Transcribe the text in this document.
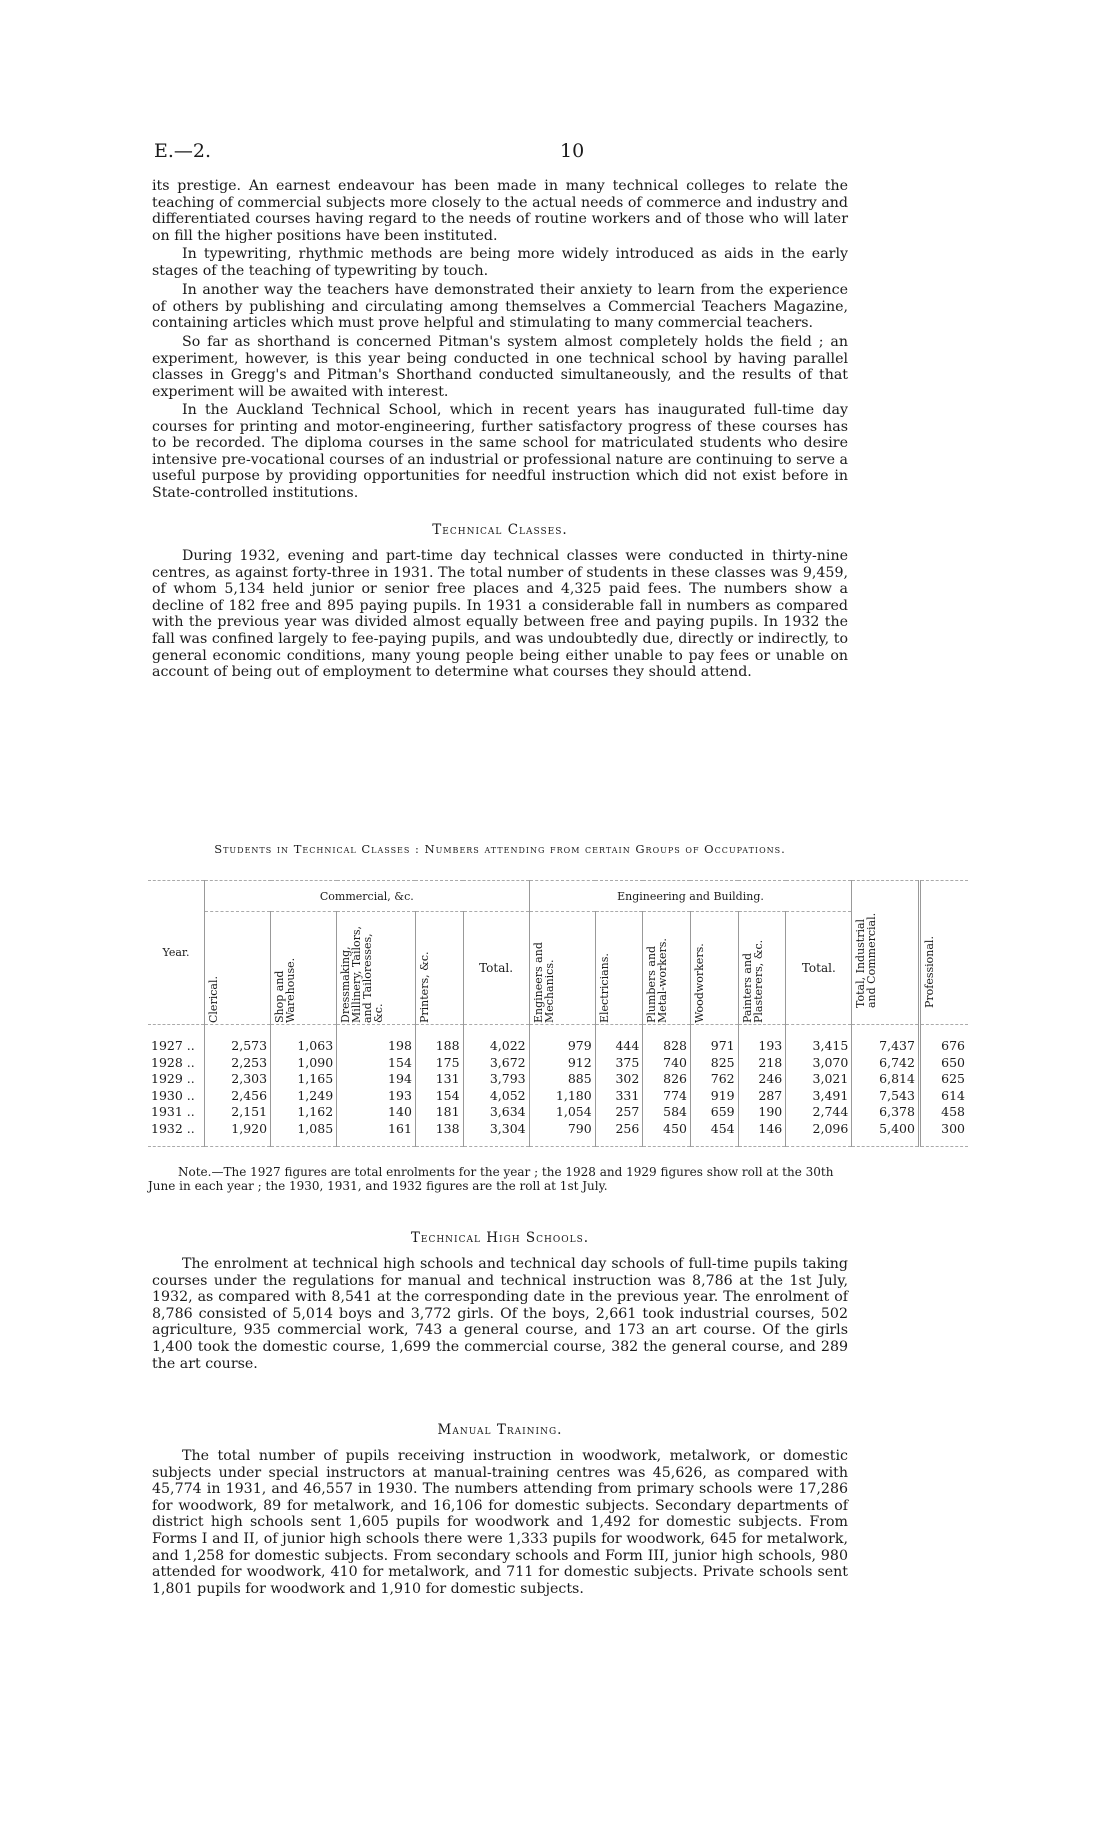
E.—2.	10
its prestige. An earnest endeavour has been made in many technical colleges to relate the teaching of commercial subjects more closely to the actual needs of commerce and industry and differentiated courses having regard to the needs of routine workers and of those who will later on fill the higher positions have been instituted.
In typewriting, rhythmic methods are being more widely introduced as aids in the early stages of the teaching of typewriting by touch.
In another way the teachers have demonstrated their anxiety to learn from the experience of others by publishing and circulating among themselves a Commercial Teachers Magazine, containing articles which must prove helpful and stimulating to many commercial teachers.
So far as shorthand is concerned Pitman's system almost completely holds the field ; an experiment, however, is this year being conducted in one technical school by having parallel classes in Gregg's and Pitman's Shorthand conducted simultaneously, and the results of that experiment will be awaited with interest.
In the Auckland Technical School, which in recent years has inaugurated full-time day courses for printing and motor-engineering, further satisfactory progress of these courses has to be recorded. The diploma courses in the same school for matriculated students who desire intensive pre-vocational courses of an industrial or professional nature are continuing to serve a useful purpose by providing opportunities for needful instruction which did not exist before in State-controlled institutions.
Technical Classes.
During 1932, evening and part-time day technical classes were conducted in thirty-nine centres, as against forty-three in 1931. The total number of students in these classes was 9,459, of whom 5,134 held junior or senior free places and 4,325 paid fees. The numbers show a decline of 182 free and 895 paying pupils. In 1931 a considerable fall in numbers as compared with the previous year was divided almost equally between free and paying pupils. In 1932 the fall was confined largely to fee-paying pupils, and was undoubtedly due, directly or indirectly, to general economic conditions, many young people being either unable to pay fees or unable on account of being out of employment to determine what courses they should attend.
Students in Technical Classes : Numbers attending from certain Groups of Occupations.
Year.	Commercial, &c.					Engineering and Building.						Total, Industrial and Commercial.	Professional.

	Clerical.	Shop and Warehouse.	Dressmaking, Millinery, Tailors, and Tailoresses, &c.	Printers, &c.	Total.	Engineers and Mechanics.	Electricians.	Plumbers and Metal-workers.	Woodworkers.	Painters and Plasterers, &c.	Total.		
1927 ..	2,573	1,063	198	188	4,022	979	444	828	971	193	3,415	7,437	676
1928 ..	2,253	1,090	154	175	3,672	912	375	740	825	218	3,070	6,742	650
1929 ..	2,303	1,165	194	131	3,793	885	302	826	762	246	3,021	6,814	625
1930 ..	2,456	1,249	193	154	4,052	1,180	331	774	919	287	3,491	7,543	614
1931 ..	2,151	1,162	140	181	3,634	1,054	257	584	659	190	2,744	6,378	458
1932 ..	1,920	1,085	161	138	3,304	790	256	450	454	146	2,096	5,400	300
Note.—The 1927 figures are total enrolments for the year ; the 1928 and 1929 figures show roll at the 30th June in each year ; the 1930, 1931, and 1932 figures are the roll at 1st July.
Technical High Schools.
The enrolment at technical high schools and technical day schools of full-time pupils taking courses under the regulations for manual and technical instruction was 8,786 at the 1st July, 1932, as compared with 8,541 at the corresponding date in the previous year. The enrolment of 8,786 consisted of 5,014 boys and 3,772 girls. Of the boys, 2,661 took industrial courses, 502 agriculture, 935 commercial work, 743 a general course, and 173 an art course. Of the girls 1,400 took the domestic course, 1,699 the commercial course, 382 the general course, and 289 the art course.
Manual Training.
The total number of pupils receiving instruction in woodwork, metalwork, or domestic subjects under special instructors at manual-training centres was 45,626, as compared with 45,774 in 1931, and 46,557 in 1930. The numbers attending from primary schools were 17,286 for woodwork, 89 for metalwork, and 16,106 for domestic subjects. Secondary departments of district high schools sent 1,605 pupils for woodwork and 1,492 for domestic subjects. From Forms I and II, of junior high schools there were 1,333 pupils for woodwork, 645 for metalwork, and 1,258 for domestic subjects. From secondary schools and Form III, junior high schools, 980 attended for woodwork, 410 for metalwork, and 711 for domestic subjects. Private schools sent 1,801 pupils for woodwork and 1,910 for domestic subjects.
